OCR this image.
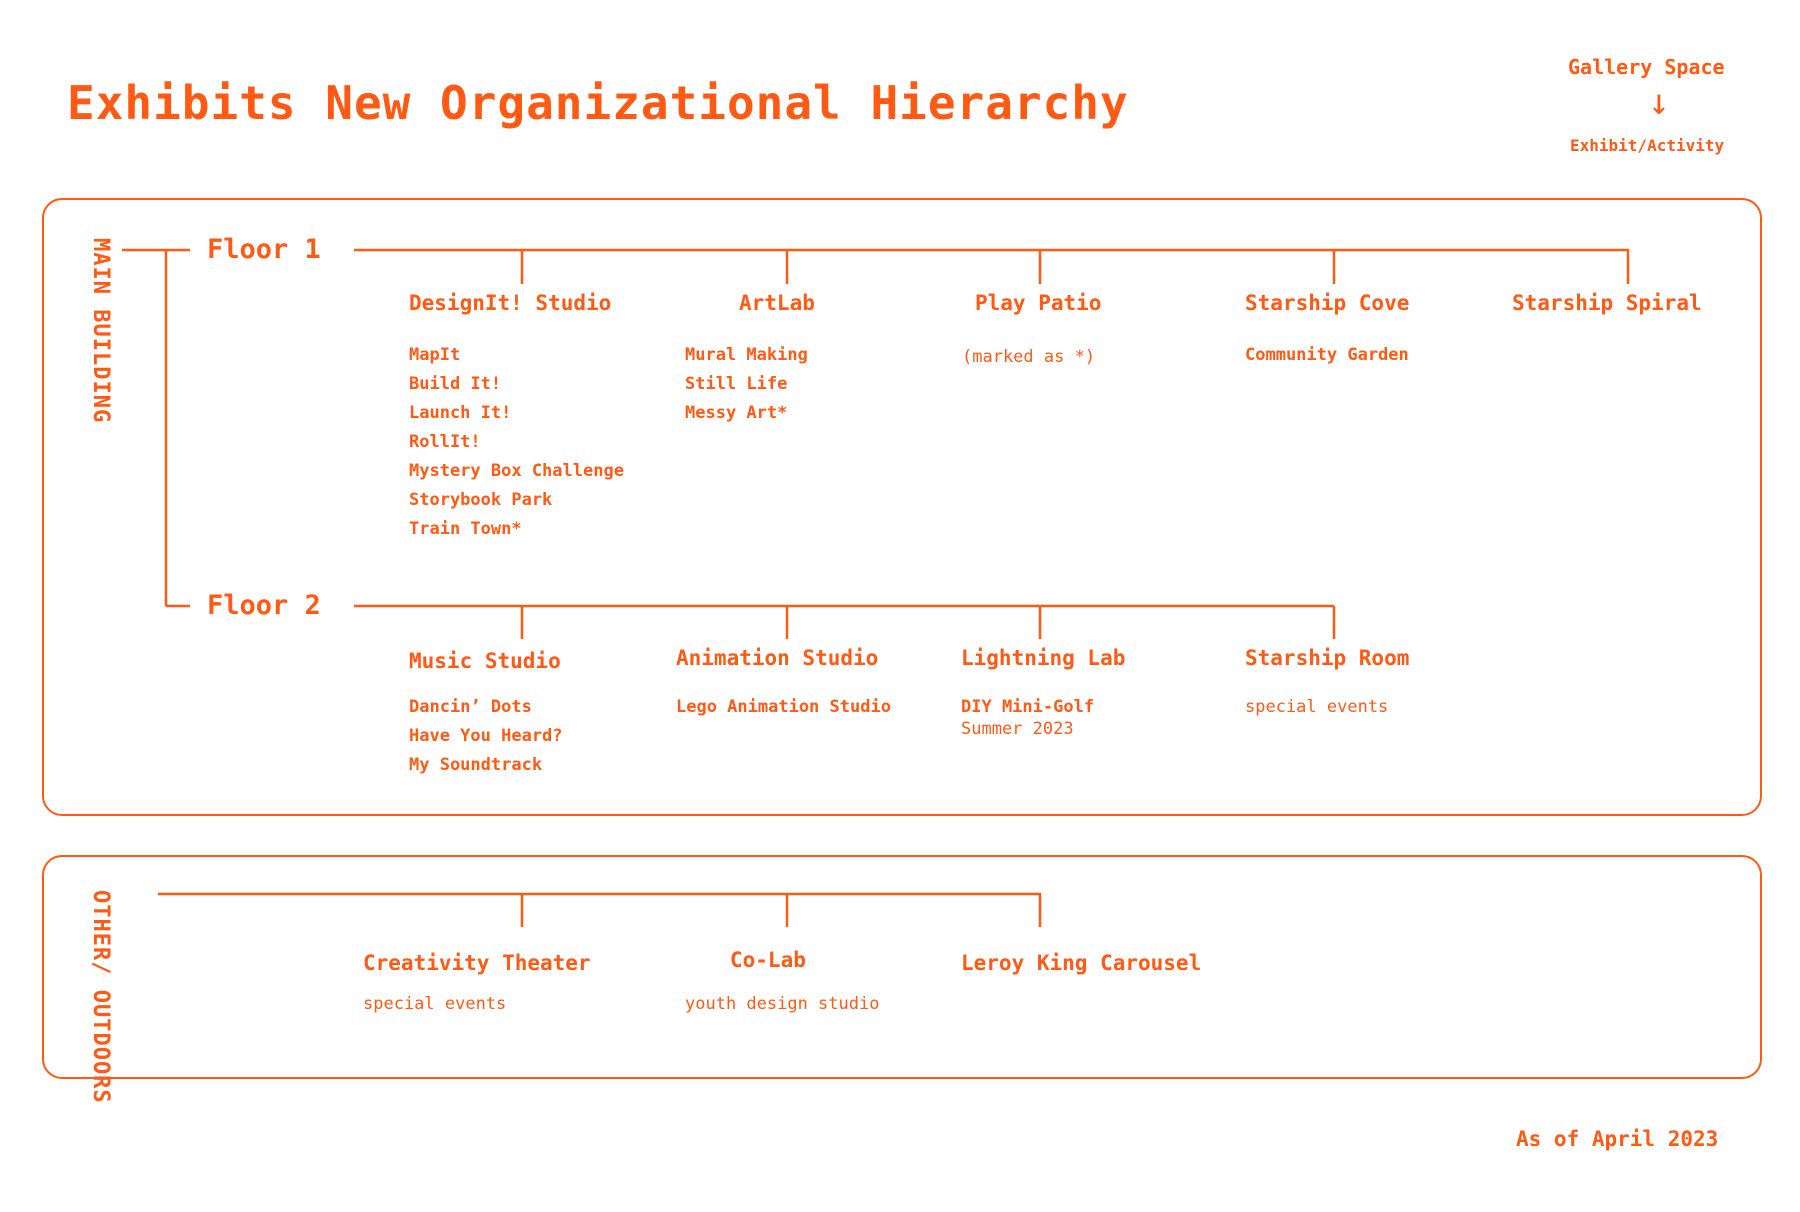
Exhibits New Organizational Hierarchy
Gallery Space
↓
Exhibit/Activity
MAIN BUILDING
OTHER/ OUTDOORS
Floor 1
Floor 2
DesignIt! Studio
MapIt
Build It!
Launch It!
RollIt!
Mystery Box Challenge
Storybook Park
Train Town*
ArtLab
Mural Making
Still Life
Messy Art*
Play Patio
(marked as *)
Starship Cove
Community Garden
Starship Spiral
Music Studio
Dancin’ Dots
Have You Heard?
My Soundtrack
Animation Studio
Lego Animation Studio
Lightning Lab
DIY Mini-Golf
Summer 2023
Starship Room
special events
Creativity Theater
special events
Co-Lab
youth design studio
Leroy King Carousel
As of April 2023
